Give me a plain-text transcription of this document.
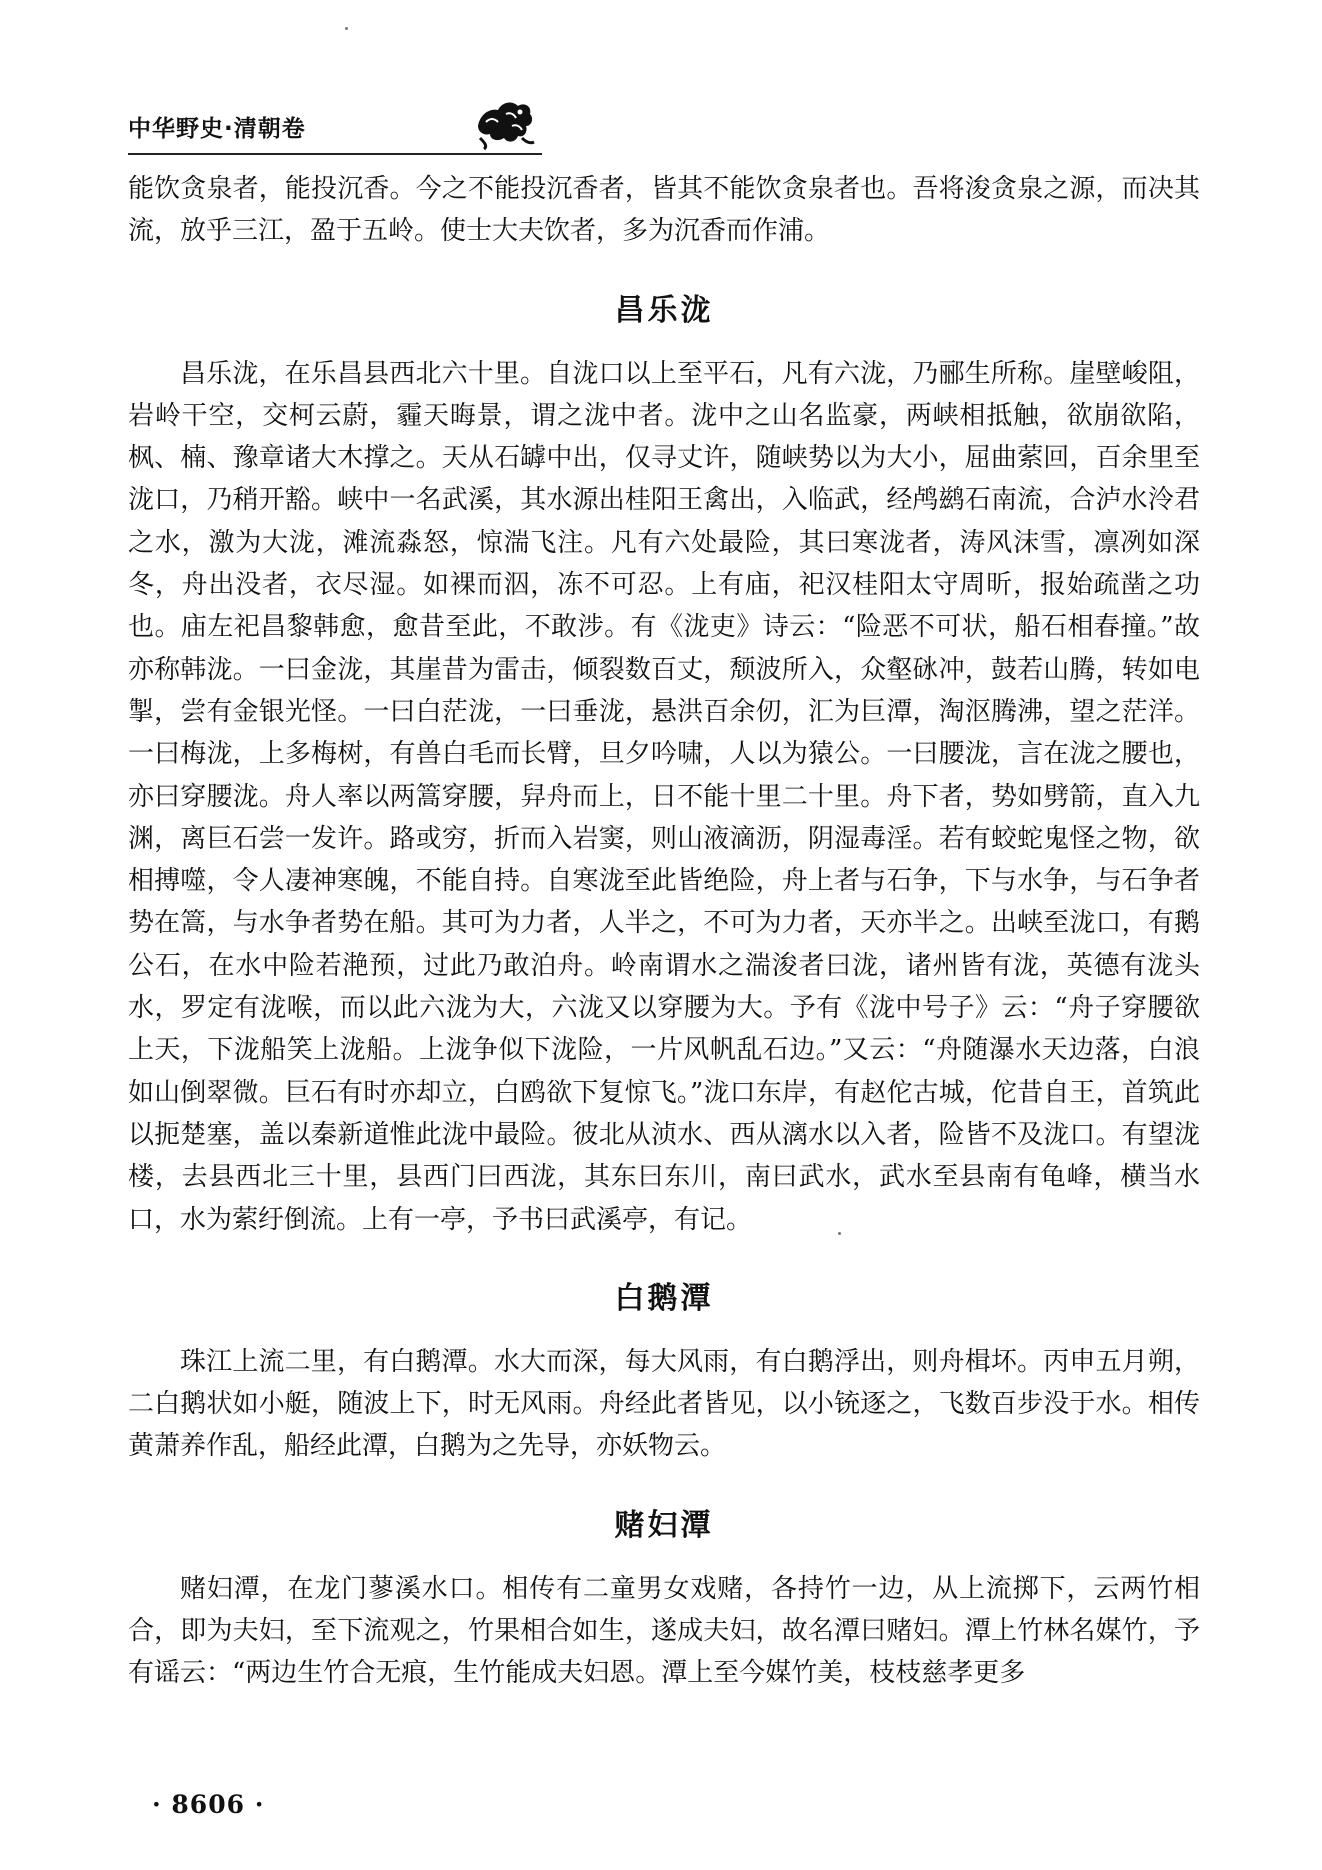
中华野史·清朝卷

能饮贪泉者，能投沉香。今之不能投沉香者，皆其不能饮贪泉者也。吾将浚贪泉之源，而决其流，放乎三江，盈于五岭。使士大夫饮者，多为沉香而作浦。

昌乐泷

昌乐泷，在乐昌县西北六十里。自泷口以上至平石，凡有六泷，乃郦生所称。崖壁峻阻，岩岭干空，交柯云蔚，霾天晦景，谓之泷中者。泷中之山名监豪，两峡相抵触，欲崩欲陷，枫、楠、豫章诸大木撑之。天从石罅中出，仅寻丈许，随峡势以为大小，屈曲萦回，百余里至泷口，乃稍开豁。峡中一名武溪，其水源出桂阳王禽出，入临武，经鸬鹚石南流，合泸水泠君之水，激为大泷，滩流淼怒，惊湍飞注。凡有六处最险，其曰寒泷者，涛风沫雪，凛冽如深冬，舟出没者，衣尽湿。如裸而泅，冻不可忍。上有庙，祀汉桂阳太守周昕，报始疏凿之功也。庙左祀昌黎韩愈，愈昔至此，不敢涉。有《泷吏》诗云：“险恶不可状，船石相春撞。”故亦称韩泷。一曰金泷，其崖昔为雷击，倾裂数百丈，颓波所入，众壑砯冲，鼓若山腾，转如电掣，尝有金银光怪。一曰白茫泷，一曰垂泷，悬洪百余仞，汇为巨潭，淘沤腾沸，望之茫洋。一曰梅泷，上多梅树，有兽白毛而长臂，旦夕吟啸，人以为猿公。一曰腰泷，言在泷之腰也，亦曰穿腰泷。舟人率以两篙穿腰，舁舟而上，日不能十里二十里。舟下者，势如劈箭，直入九渊，离巨石尝一发许。路或穷，折而入岩窦，则山液滴沥，阴湿毒淫。若有蛟蛇鬼怪之物，欲相搏噬，令人凄神寒魄，不能自持。自寒泷至此皆绝险，舟上者与石争，下与水争，与石争者势在篙，与水争者势在船。其可为力者，人半之，不可为力者，天亦半之。出峡至泷口，有鹅公石，在水中险若滟预，过此乃敢泊舟。岭南谓水之湍浚者曰泷，诸州皆有泷，英德有泷头水，罗定有泷喉，而以此六泷为大，六泷又以穿腰为大。予有《泷中号子》云：“舟子穿腰欲上天，下泷船笑上泷船。上泷争似下泷险，一片风帆乱石边。”又云：“舟随瀑水天边落，白浪如山倒翠微。巨石有时亦却立，白鸥欲下复惊飞。”泷口东岸，有赵佗古城，佗昔自王，首筑此以扼楚塞，盖以秦新道惟此泷中最险。彼北从浈水、西从漓水以入者，险皆不及泷口。有望泷楼，去县西北三十里，县西门曰西泷，其东曰东川，南曰武水，武水至县南有龟峰，横当水口，水为萦纡倒流。上有一亭，予书曰武溪亭，有记。

白鹅潭

珠江上流二里，有白鹅潭。水大而深，每大风雨，有白鹅浮出，则舟楫坏。丙申五月朔，二白鹅状如小艇，随波上下，时无风雨。舟经此者皆见，以小铳逐之，飞数百步没于水。相传黄萧养作乱，船经此潭，白鹅为之先导，亦妖物云。

赌妇潭

赌妇潭，在龙门蓼溪水口。相传有二童男女戏赌，各持竹一边，从上流掷下，云两竹相合，即为夫妇，至下流观之，竹果相合如生，遂成夫妇，故名潭曰赌妇。潭上竹林名媒竹，予有谣云：“两边生竹合无痕，生竹能成夫妇恩。潭上至今媒竹美，枝枝慈孝更多

· 8606 ·
